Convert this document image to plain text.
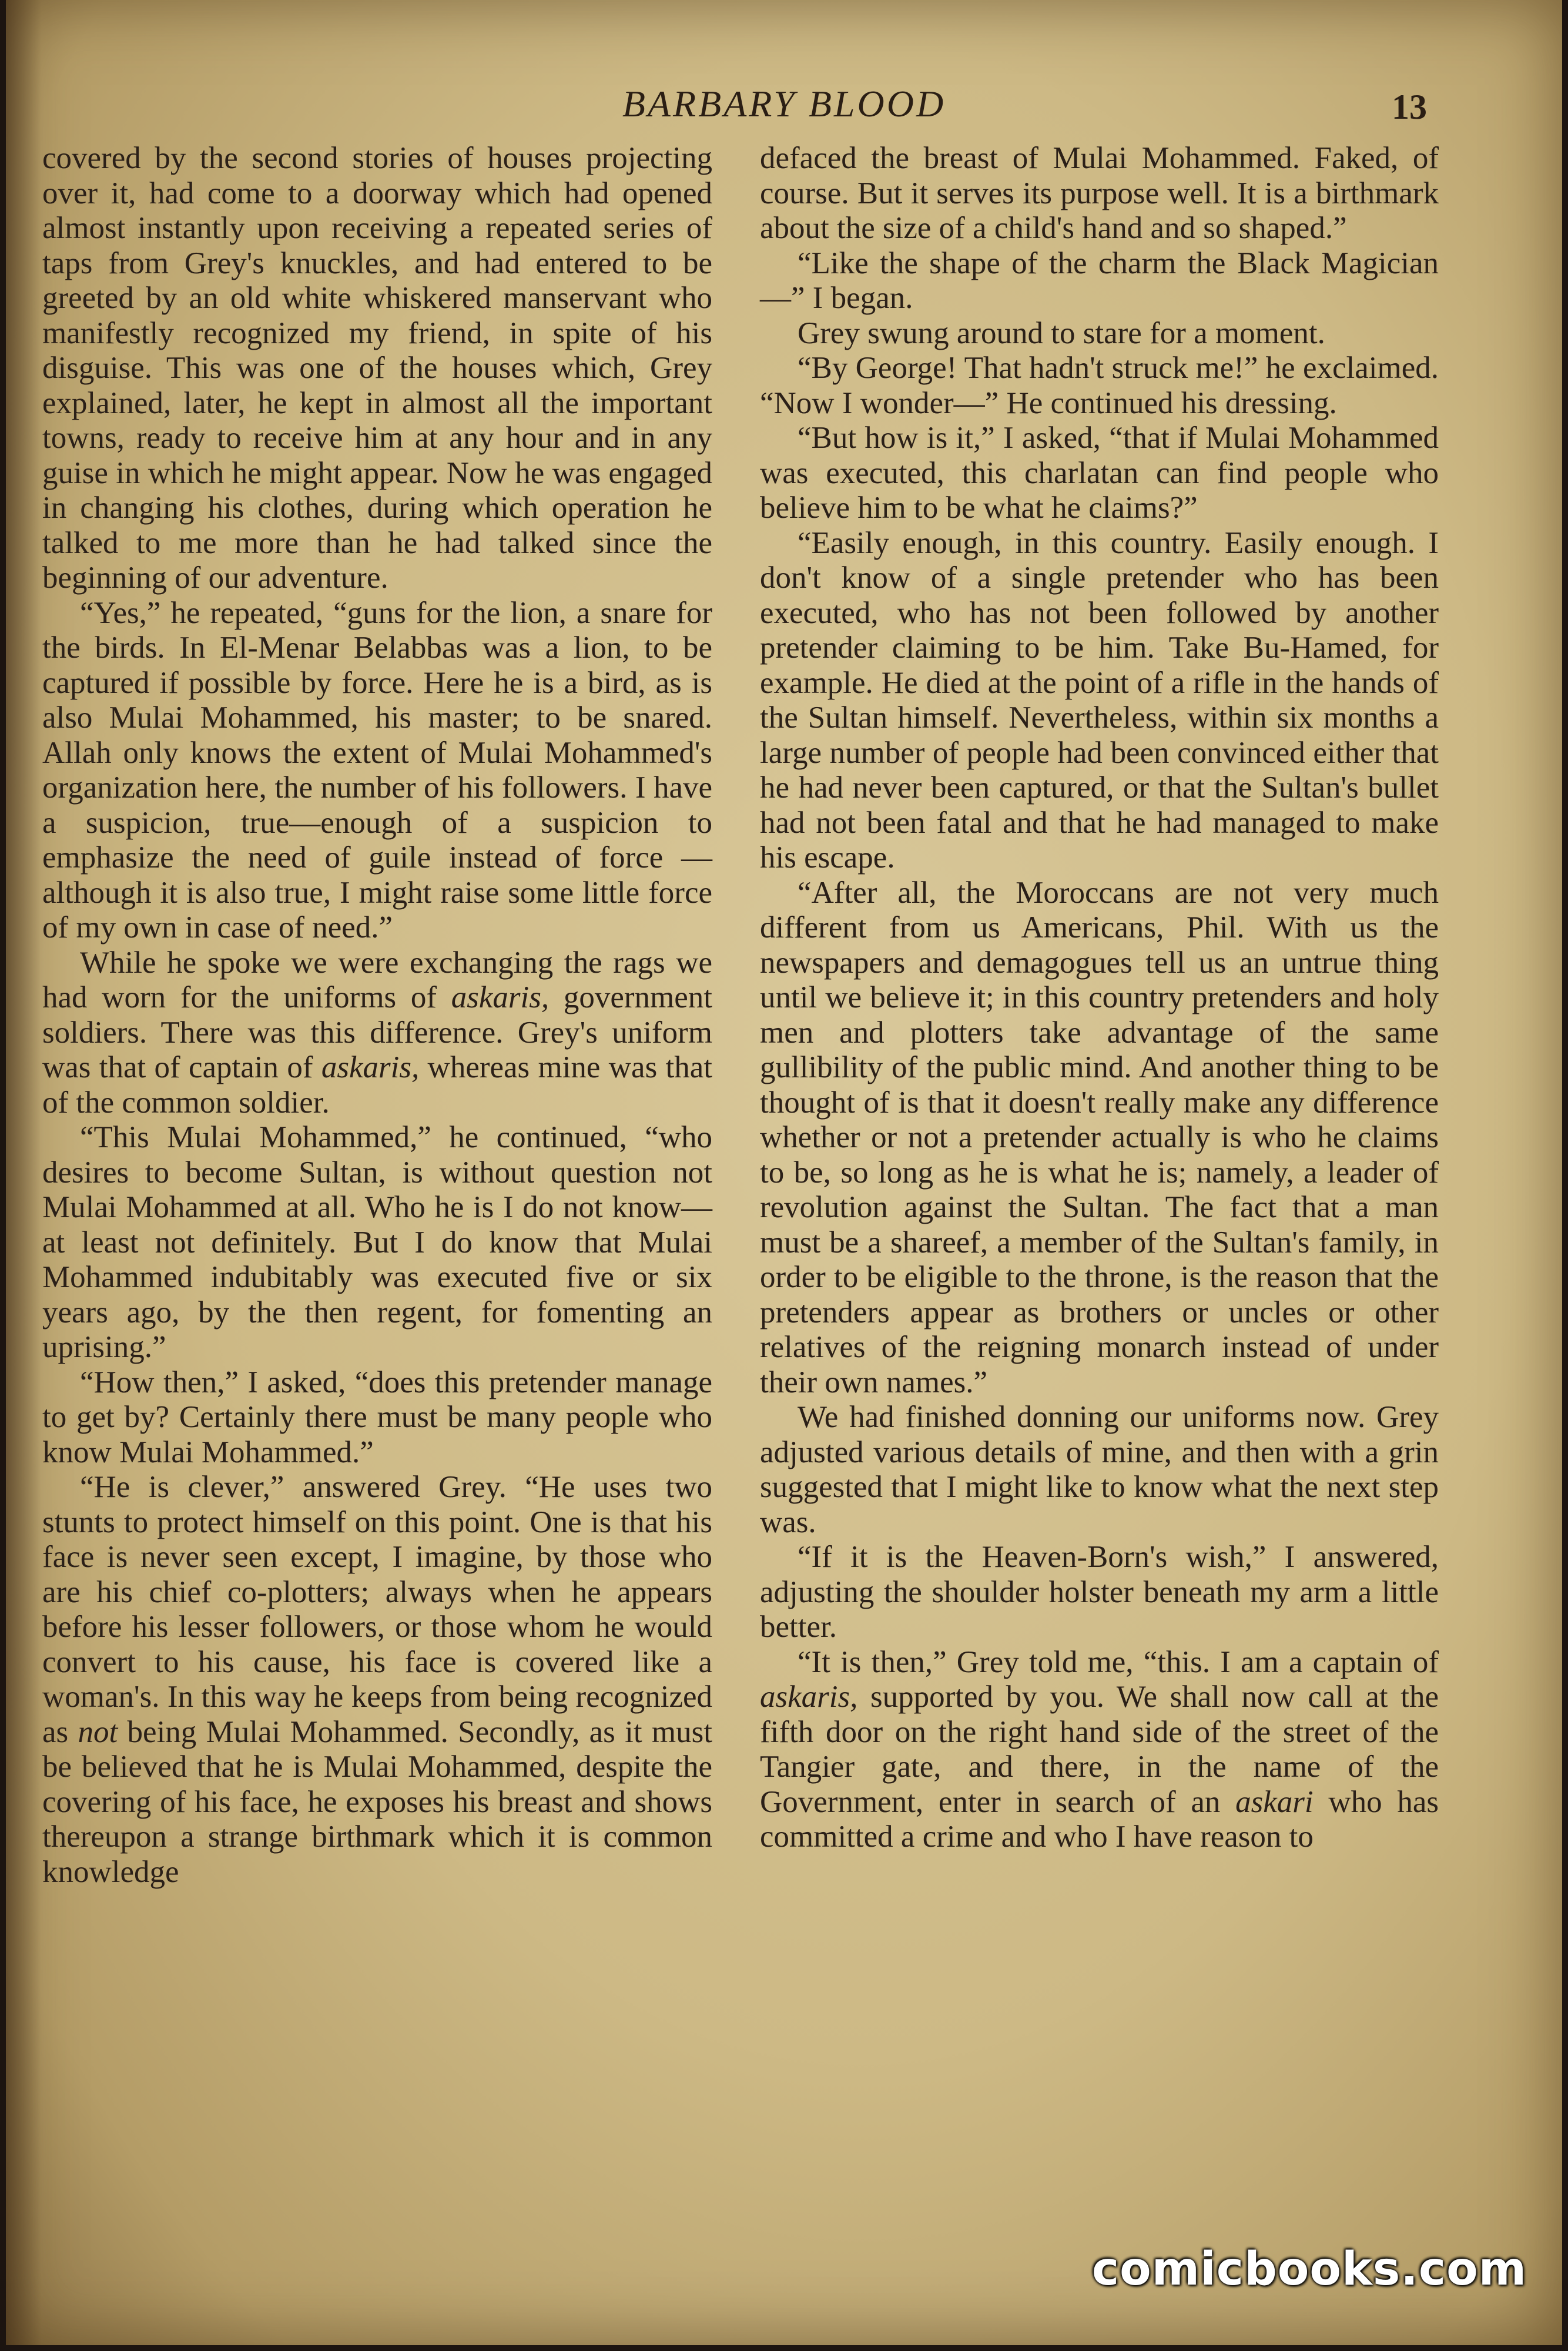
BARBARY BLOOD	13

covered by the second stories of houses projecting over it, had come to a doorway which had opened almost instantly upon receiving a repeated series of taps from Grey's knuckles, and had entered to be greeted by an old white whiskered manservant who manifestly recognized my friend, in spite of his disguise. This was one of the houses which, Grey explained, later, he kept in almost all the important towns, ready to receive him at any hour and in any guise in which he might appear. Now he was engaged in changing his clothes, during which operation he talked to me more than he had talked since the beginning of our adventure.

“Yes,” he repeated, “guns for the lion, a snare for the birds. In El-Menar Belabbas was a lion, to be captured if possible by force. Here he is a bird, as is also Mulai Mohammed, his master; to be snared. Allah only knows the extent of Mulai Mohammed's organization here, the number of his followers. I have a suspicion, true—enough of a suspicion to emphasize the need of guile instead of force —although it is also true, I might raise some little force of my own in case of need.”

While he spoke we were exchanging the rags we had worn for the uniforms of askaris, government soldiers. There was this difference. Grey's uniform was that of captain of askaris, whereas mine was that of the common soldier.

“This Mulai Mohammed,” he continued, “who desires to become Sultan, is without question not Mulai Mohammed at all. Who he is I do not know—at least not definitely. But I do know that Mulai Mohammed indubitably was executed five or six years ago, by the then regent, for fomenting an uprising.”

“How then,” I asked, “does this pretender manage to get by? Certainly there must be many people who know Mulai Mohammed.”

“He is clever,” answered Grey. “He uses two stunts to protect himself on this point. One is that his face is never seen except, I imagine, by those who are his chief co-plotters; always when he appears before his lesser followers, or those whom he would convert to his cause, his face is covered like a woman's. In this way he keeps from being recognized as not being Mulai Mohammed. Secondly, as it must be believed that he is Mulai Mohammed, despite the covering of his face, he exposes his breast and shows thereupon a strange birthmark which it is common knowledge

defaced the breast of Mulai Mohammed. Faked, of course. But it serves its purpose well. It is a birthmark about the size of a child's hand and so shaped.”

“Like the shape of the charm the Black Magician—” I began.

Grey swung around to stare for a moment.

“By George! That hadn't struck me!” he exclaimed. “Now I wonder—” He continued his dressing.

“But how is it,” I asked, “that if Mulai Mohammed was executed, this charlatan can find people who believe him to be what he claims?”

“Easily enough, in this country. Easily enough. I don't know of a single pretender who has been executed, who has not been followed by another pretender claiming to be him. Take Bu-Hamed, for example. He died at the point of a rifle in the hands of the Sultan himself. Nevertheless, within six months a large number of people had been convinced either that he had never been captured, or that the Sultan's bullet had not been fatal and that he had managed to make his escape.

“After all, the Moroccans are not very much different from us Americans, Phil. With us the newspapers and demagogues tell us an untrue thing until we believe it; in this country pretenders and holy men and plotters take advantage of the same gullibility of the public mind. And another thing to be thought of is that it doesn't really make any difference whether or not a pretender actually is who he claims to be, so long as he is what he is; namely, a leader of revolution against the Sultan. The fact that a man must be a shareef, a member of the Sultan's family, in order to be eligible to the throne, is the reason that the pretenders appear as brothers or uncles or other relatives of the reigning monarch instead of under their own names.”

We had finished donning our uniforms now. Grey adjusted various details of mine, and then with a grin suggested that I might like to know what the next step was.

“If it is the Heaven-Born's wish,” I answered, adjusting the shoulder holster beneath my arm a little better.

“It is then,” Grey told me, “this. I am a captain of askaris, supported by you. We shall now call at the fifth door on the right hand side of the street of the Tangier gate, and there, in the name of the Government, enter in search of an askari who has committed a crime and who I have reason to

comicbooks.com
